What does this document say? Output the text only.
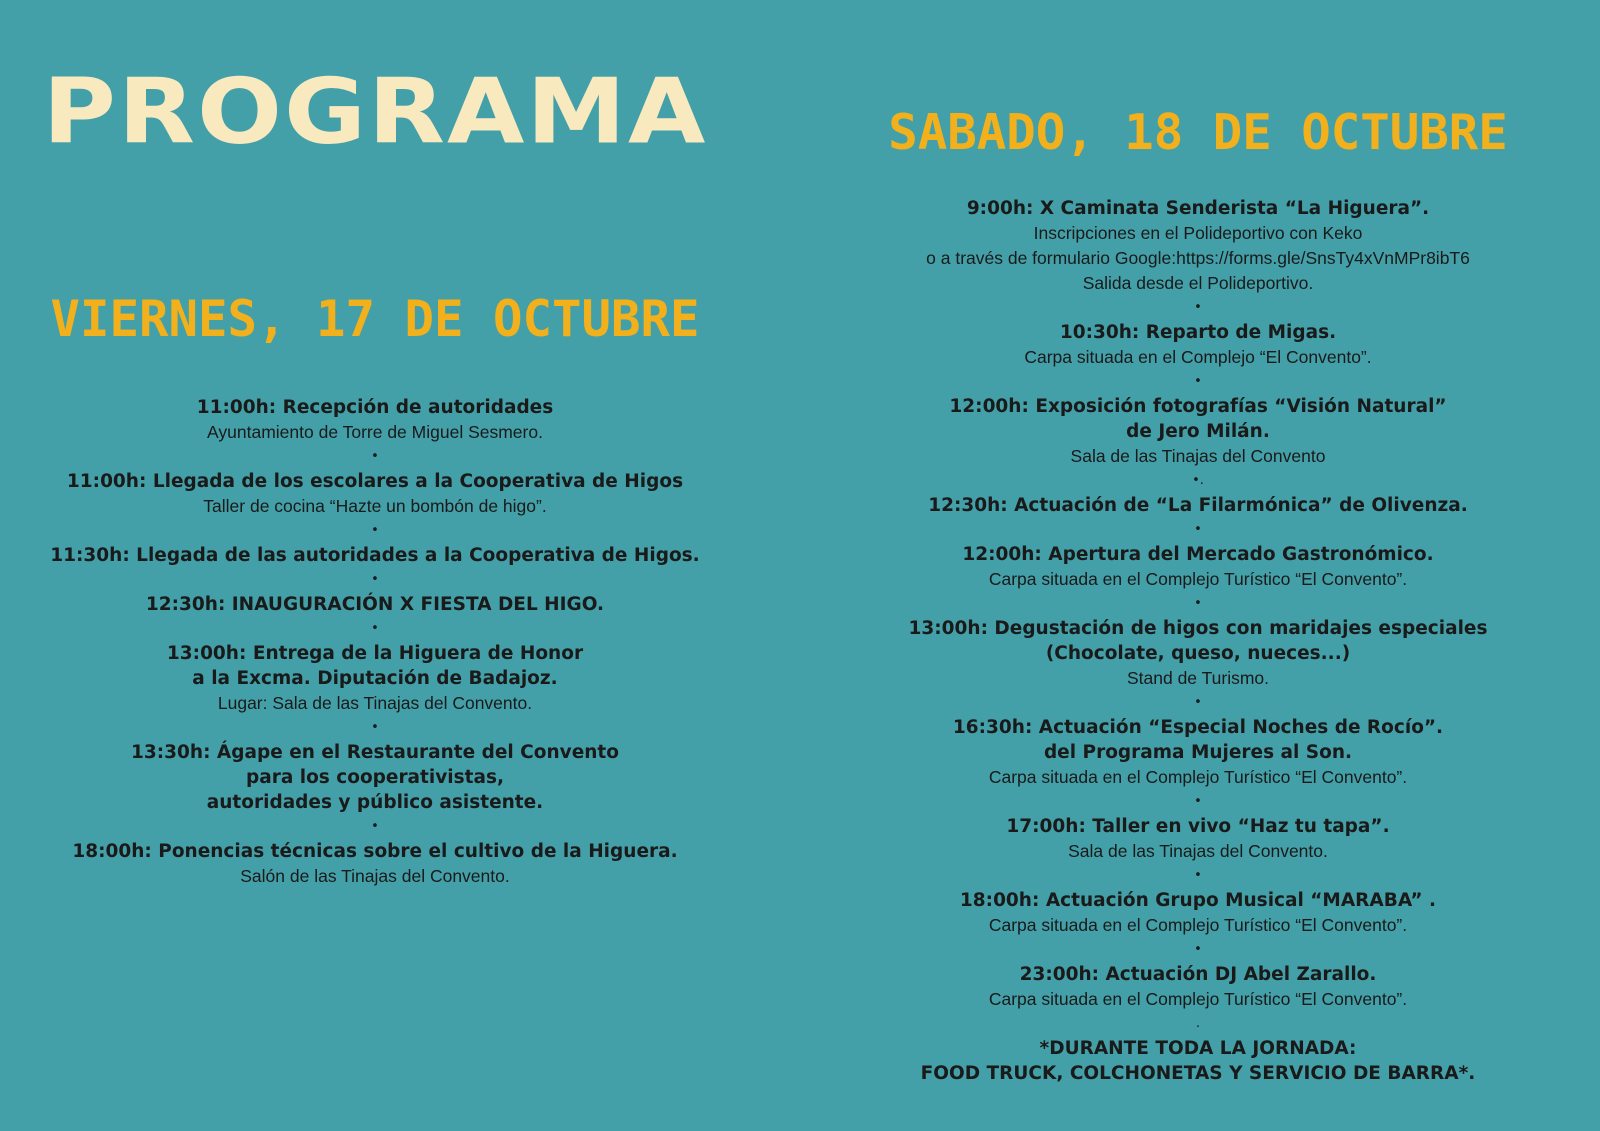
PROGRAMA
VIERNES, 17 DE OCTUBRE
11:00h: Recepción de autoridades
Ayuntamiento de Torre de Miguel Sesmero.
•
11:00h: Llegada de los escolares a la Cooperativa de Higos
Taller de cocina “Hazte un bombón de higo”.
•
11:30h: Llegada de las autoridades a la Cooperativa de Higos.
•
12:30h: INAUGURACIÓN X FIESTA DEL HIGO.
•
13:00h: Entrega de la Higuera de Honor
a la Excma. Diputación de Badajoz.
Lugar: Sala de las Tinajas del Convento.
•
13:30h: Ágape en el Restaurante del Convento
para los cooperativistas,
autoridades y público asistente.
•
18:00h: Ponencias técnicas sobre el cultivo de la Higuera.
Salón de las Tinajas del Convento.
SABADO, 18 DE OCTUBRE
9:00h: X Caminata Senderista “La Higuera”.
Inscripciones en el Polideportivo con Keko
o a través de formulario Google:https://forms.gle/SnsTy4xVnMPr8ibT6
Salida desde el Polideportivo.
•
10:30h: Reparto de Migas.
Carpa situada en el Complejo “El Convento”.
•
12:00h: Exposición fotografías “Visión Natural”
de Jero Milán.
Sala de las Tinajas del Convento
•.
12:30h: Actuación de “La Filarmónica” de Olivenza.
•
12:00h: Apertura del Mercado Gastronómico.
Carpa situada en el Complejo Turístico “El Convento”.
•
13:00h: Degustación de higos con maridajes especiales
(Chocolate, queso, nueces...)
Stand de Turismo.
•
16:30h: Actuación “Especial Noches de Rocío”.
del Programa Mujeres al Son.
Carpa situada en el Complejo Turístico “El Convento”.
•
17:00h: Taller en vivo “Haz tu tapa”.
Sala de las Tinajas del Convento.
•
18:00h: Actuación Grupo Musical “MARABA” .
Carpa situada en el Complejo Turístico “El Convento”.
•
23:00h: Actuación DJ Abel Zarallo.
Carpa situada en el Complejo Turístico “El Convento”.
.
*DURANTE TODA LA JORNADA:
FOOD TRUCK, COLCHONETAS Y SERVICIO DE BARRA*.
